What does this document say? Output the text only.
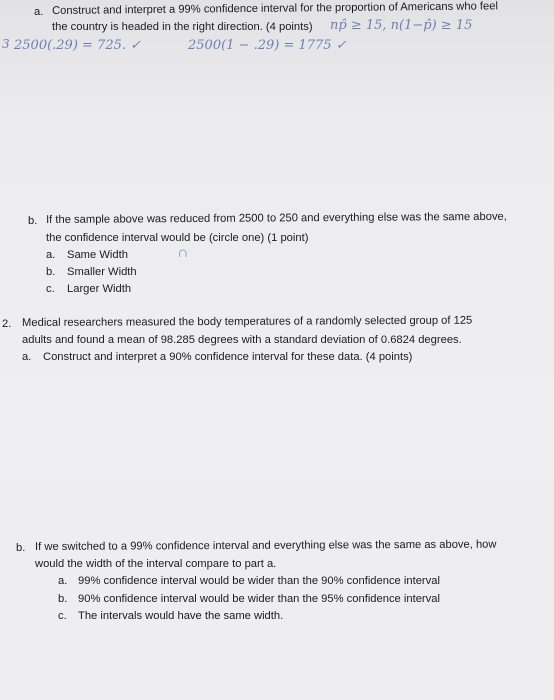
a. Construct and interpret a 99% confidence interval for the proportion of Americans who feel
the country is headed in the right direction. (4 points) np̂ ≥ 15, n(1−p̂) ≥ 15
3 2500(.29) = 725. ✓	2500(1 − .29) = 1775 ✓
b. If the sample above was reduced from 2500 to 250 and everything else was the same above,
the confidence interval would be (circle one) (1 point)
a. Same Width	∩
b. Smaller Width
c. Larger Width
2. Medical researchers measured the body temperatures of a randomly selected group of 125
adults and found a mean of 98.285 degrees with a standard deviation of 0.6824 degrees.
a. Construct and interpret a 90% confidence interval for these data. (4 points)
b. If we switched to a 99% confidence interval and everything else was the same as above, how
would the width of the interval compare to part a.
a. 99% confidence interval would be wider than the 90% confidence interval
b. 90% confidence interval would be wider than the 95% confidence interval
c. The intervals would have the same width.
